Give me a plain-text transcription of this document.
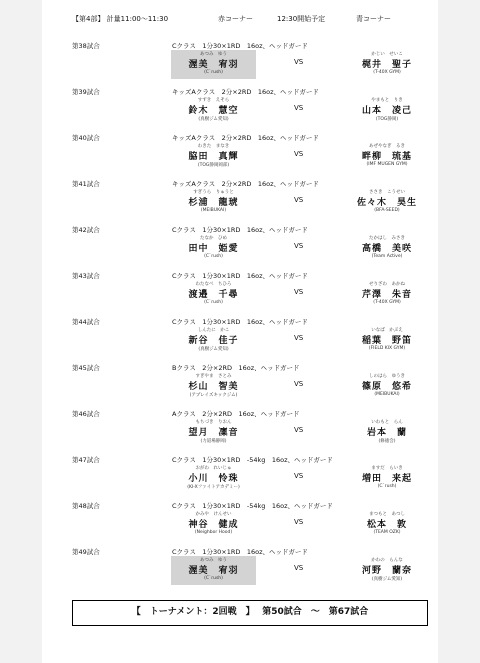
【第4部】 計量11:00～11:30	赤コーナー	12:30開始予定	青コーナー
第38試合	Cクラス　1分30×1RD　16oz、ヘッドガード
あつみ　ゆう
渥美　宥羽
(C`rush)
VS
かじい　せいこ
梶井　聖子
(T-40X GYM)
第39試合	キッズAクラス　2分×2RD　16oz、ヘッドガード
すずき　えそら
鈴木　慧空
(真樹ジム愛知)
VS
やまもと　りき
山本　凌己
(TOG静岡)
第40試合	キッズAクラス　2分×2RD　16oz、ヘッドガード
わきた　まなき
脇田　真輝
(TOG静岡岡部)
VS
あぜやなぎ　るき
畔柳　琉基
(IMF MUGEN GYM)
第41試合	キッズAクラス　2分×2RD　16oz、ヘッドガード
すぎうら　りゅうと
杉浦　龍琥
(MEIBUKAI)
VS
ささき　こうせい
佐々木　昊生
(BFA-SEED)
第42試合	Cクラス　1分30×1RD　16oz、ヘッドガード
たなか　ひめ
田中　姫愛
(C`rush)
VS
たかはし　みさき
高橋　美咲
(Team Active)
第43試合	Cクラス　1分30×1RD　16oz、ヘッドガード
わたなべ　ちひろ
渡邉　千尋
(C`rush)
VS
せりざわ　あかね
芹澤　朱音
(T-40X GYM)
第44試合	Cクラス　1分30×1RD　16oz、ヘッドガード
しんたに　かこ
新谷　佳子
(真樹ジム愛知)
VS
いなば　かぶえ
稲葉　野笛
(FIELD KIX GYM)
第45試合	Bクラス　2分×2RD　16oz、ヘッドガード
すぎやま　さとみ
杉山　智美
(アプレイズキックジム)
VS
しのはら　ゆうき
篠原　悠希
(MEIBUKAI)
第46試合	Aクラス　2分×2RD　16oz、ヘッドガード
もちづき　りおん
望月　凜音
(力道場静岡)
VS
いわもと　らん
岩本　蘭
(修徳会)
第47試合	Cクラス　1分30×1RD　-54kg　16oz、ヘッドガード
おがわ　れいじゅ
小川　怜珠
(KI-Xファイトアカデミー)
VS
ますだ　らいき
増田　来起
(C`rush)
第48試合	Cクラス　1分30×1RD　-54kg　16oz、ヘッドガード
かみや　けんせい
神谷　健成
(Neighbor Hood)
VS
まつもと　あつし
松本　敦
(TEAM OZK)
第49試合	Cクラス　1分30×1RD　16oz、ヘッドガード
あつみ　ゆう
渥美　宥羽
(C`rush)
VS
かわの　らんな
河野　蘭奈
(真樹ジム愛知)
【　トーナメント：2回戦　】　 第50試合　～　第67試合
